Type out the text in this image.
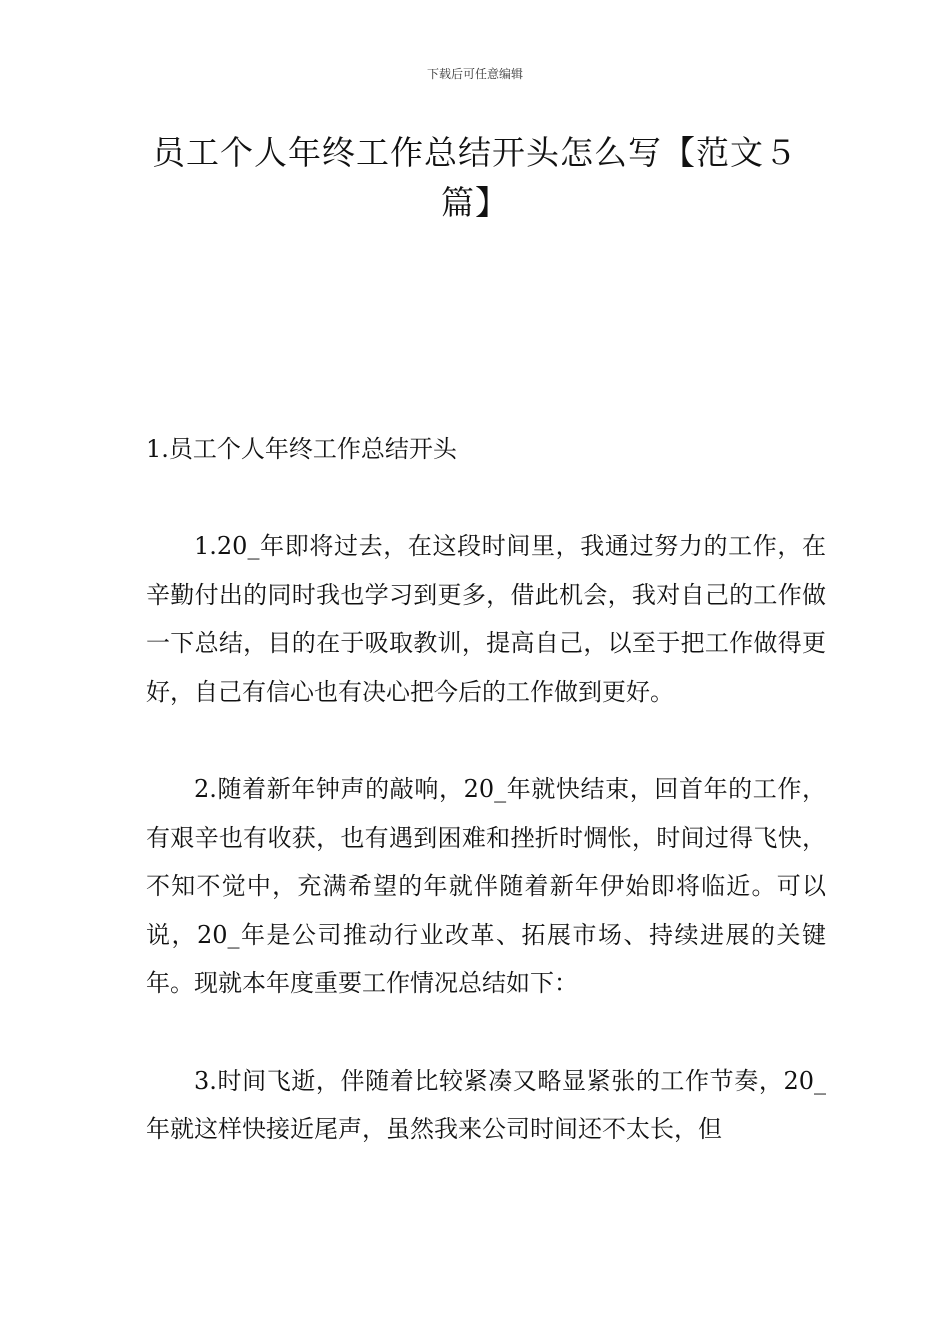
下载后可任意编辑
员工个人年终工作总结开头怎么写【范文５篇】

1.员工个人年终工作总结开头

1.20_年即将过去，在这段时间里，我通过努力的工作，在辛勤付出的同时我也学习到更多，借此机会，我对自己的工作做一下总结，目的在于吸取教训，提高自己，以至于把工作做得更好，自己有信心也有决心把今后的工作做到更好。

2.随着新年钟声的敲响，20_年就快结束，回首年的工作，有艰辛也有收获，也有遇到困难和挫折时惆怅，时间过得飞快，不知不觉中，充满希望的年就伴随着新年伊始即将临近。可以说，20_年是公司推动行业改革、拓展市场、持续进展的关键年。现就本年度重要工作情况总结如下：

3.时间飞逝，伴随着比较紧凑又略显紧张的工作节奏，20_年就这样快接近尾声，虽然我来公司时间还不太长，但
